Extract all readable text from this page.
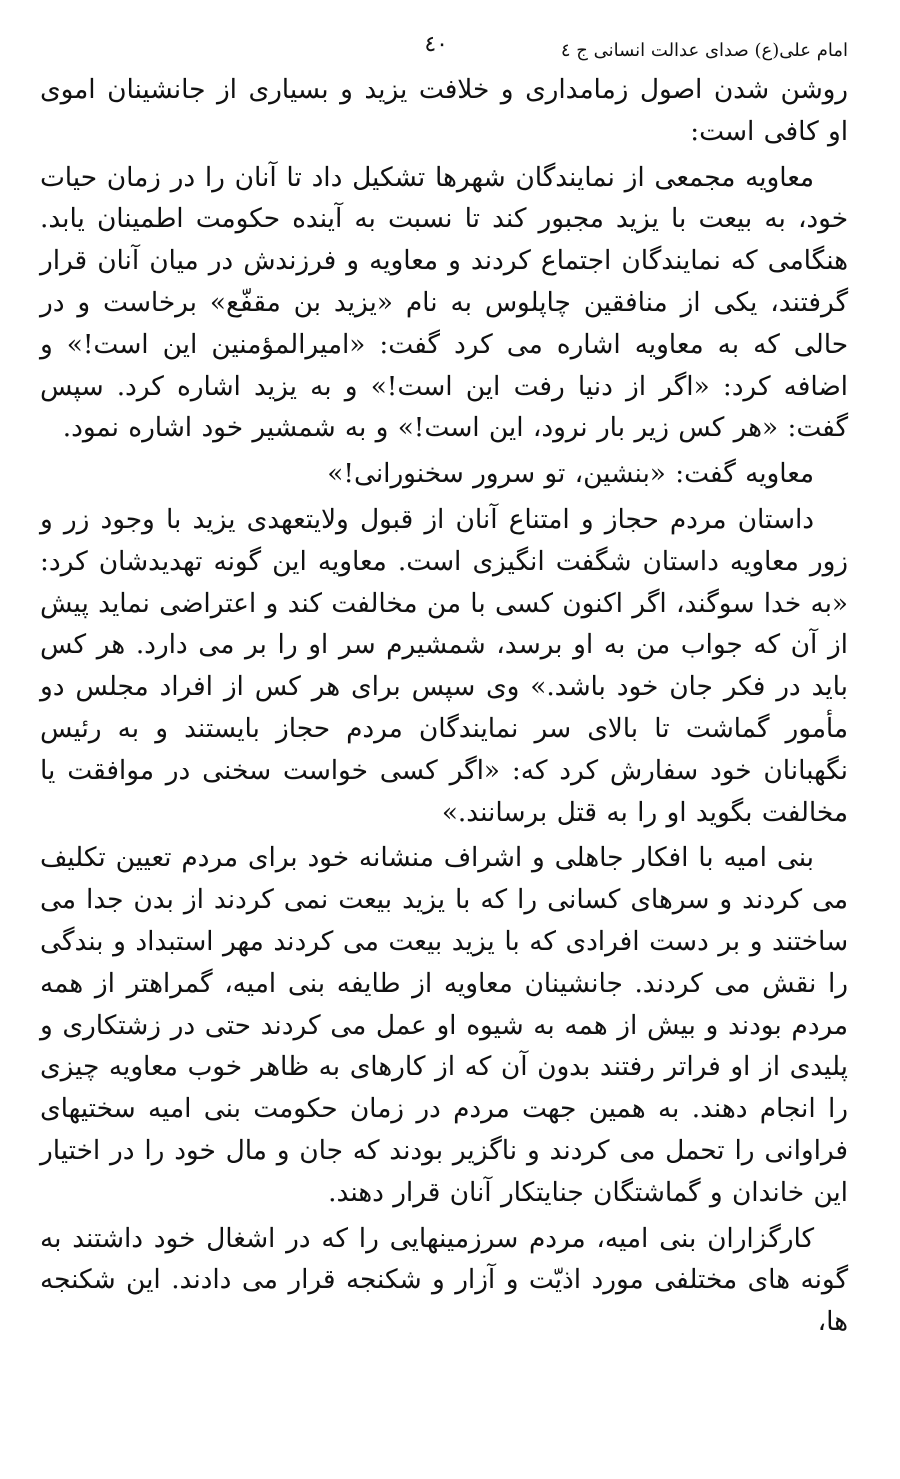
امام علی(ع) صدای عدالت انسانی ج ٤
٤٠

روشن شدن اصول زمامداری و خلافت یزید و بسیاری از جانشینان اموی او کافی است:

معاویه مجمعی از نمایندگان شهرها تشکیل داد تا آنان را در زمان حیات خود، به بیعت با یزید مجبور کند تا نسبت به آینده حکومت اطمینان یابد. هنگامی که نمایندگان اجتماع کردند و معاویه و فرزندش در میان آنان قرار گرفتند، یکی از منافقین چاپلوس به نام «یزید بن مقفّع» برخاست و در حالی که به معاویه اشاره می کرد گفت: «امیرالمؤمنین این است!» و اضافه کرد: «اگر از دنیا رفت این است!» و به یزید اشاره کرد. سپس گفت: «هر کس زیر بار نرود، این است!» و به شمشیر خود اشاره نمود.

معاویه گفت: «بنشین، تو سرور سخنورانی!»

داستان مردم حجاز و امتناع آنان از قبول ولایتعهدی یزید با وجود زر و زور معاویه داستان شگفت انگیزی است. معاویه این گونه تهدیدشان کرد: «به خدا سوگند، اگر اکنون کسی با من مخالفت کند و اعتراضی نماید پیش از آن که جواب من به او برسد، شمشیرم سر او را بر می دارد. هر کس باید در فکر جان خود باشد.» وی سپس برای هر کس از افراد مجلس دو مأمور گماشت تا بالای سر نمایندگان مردم حجاز بایستند و به رئیس نگهبانان خود سفارش کرد که: «اگر کسی خواست سخنی در موافقت یا مخالفت بگوید او را به قتل برسانند.»

بنی امیه با افکار جاهلی و اشراف منشانه خود برای مردم تعیین تکلیف می کردند و سرهای کسانی را که با یزید بیعت نمی کردند از بدن جدا می ساختند و بر دست افرادی که با یزید بیعت می کردند مهر استبداد و بندگی را نقش می کردند. جانشینان معاویه از طایفه بنی امیه، گمراهتر از همه مردم بودند و بیش از همه به شیوه او عمل می کردند حتی در زشتکاری و پلیدی از او فراتر رفتند بدون آن که از کارهای به ظاهر خوب معاویه چیزی را انجام دهند. به همین جهت مردم در زمان حکومت بنی امیه سختیهای فراوانی را تحمل می کردند و ناگزیر بودند که جان و مال خود را در اختیار این خاندان و گماشتگان جنایتکار آنان قرار دهند.

کارگزاران بنی امیه، مردم سرزمینهایی را که در اشغال خود داشتند به گونه های مختلفی مورد اذیّت و آزار و شکنجه قرار می دادند. این شکنجه ها،
